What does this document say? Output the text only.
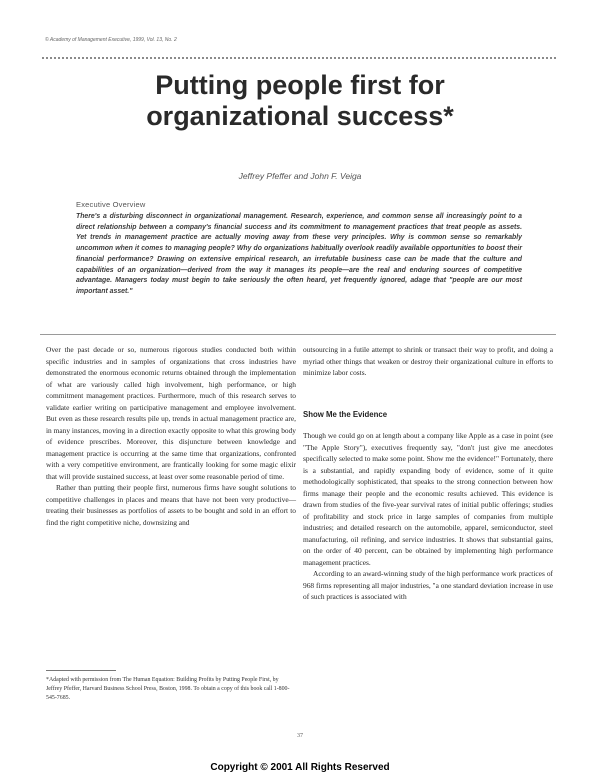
© Academy of Management Executive, 1999, Vol. 13, No. 2
Putting people first for
organizational success*
Jeffrey Pfeffer and John F. Veiga
Executive Overview
There's a disturbing disconnect in organizational management. Research, experience, and common sense all increasingly point to a direct relationship between a company's financial success and its commitment to management practices that treat people as assets. Yet trends in management practice are actually moving away from these very principles. Why is common sense so remarkably uncommon when it comes to managing people? Why do organizations habitually overlook readily available opportunities to boost their financial performance? Drawing on extensive empirical research, an irrefutable business case can be made that the culture and capabilities of an organization—derived from the way it manages its people—are the real and enduring sources of competitive advantage. Managers today must begin to take seriously the often heard, yet frequently ignored, adage that "people are our most important asset."

Over the past decade or so, numerous rigorous studies conducted both within specific industries and in samples of organizations that cross industries have demonstrated the enormous economic returns obtained through the implementation of what are variously called high involvement, high performance, or high commitment management practices. Furthermore, much of this research serves to validate earlier writing on participative management and employee involvement. But even as these research results pile up, trends in actual management practice are, in many instances, moving in a direction exactly opposite to what this growing body of evidence prescribes. Moreover, this disjuncture between knowledge and management practice is occurring at the same time that organizations, confronted with a very competitive environment, are frantically looking for some magic elixir that will provide sustained success, at least over some reasonable period of time.

Rather than putting their people first, numerous firms have sought solutions to competitive challenges in places and means that have not been very productive—treating their businesses as portfolios of assets to be bought and sold in an effort to find the right competitive niche, downsizing and

outsourcing in a futile attempt to shrink or transact their way to profit, and doing a myriad other things that weaken or destroy their organizational culture in efforts to minimize labor costs.

Show Me the Evidence

Though we could go on at length about a company like Apple as a case in point (see "The Apple Story"), executives frequently say, "don't just give me anecdotes specifically selected to make some point. Show me the evidence!" Fortunately, there is a substantial, and rapidly expanding body of evidence, some of it quite methodologically sophisticated, that speaks to the strong connection between how firms manage their people and the economic results achieved. This evidence is drawn from studies of the five-year survival rates of initial public offerings; studies of profitability and stock price in large samples of companies from multiple industries; and detailed research on the automobile, apparel, semiconductor, steel manufacturing, oil refining, and service industries. It shows that substantial gains, on the order of 40 percent, can be obtained by implementing high performance management practices.

According to an award-winning study of the high performance work practices of 968 firms representing all major industries, "a one standard deviation increase in use of such practices is associated with

*Adapted with permission from The Human Equation: Building Profits by Putting People First, by Jeffrey Pfeffer, Harvard Business School Press, Boston, 1998. To obtain a copy of this book call 1-800-545-7685.
37
Copyright © 2001 All Rights Reserved
